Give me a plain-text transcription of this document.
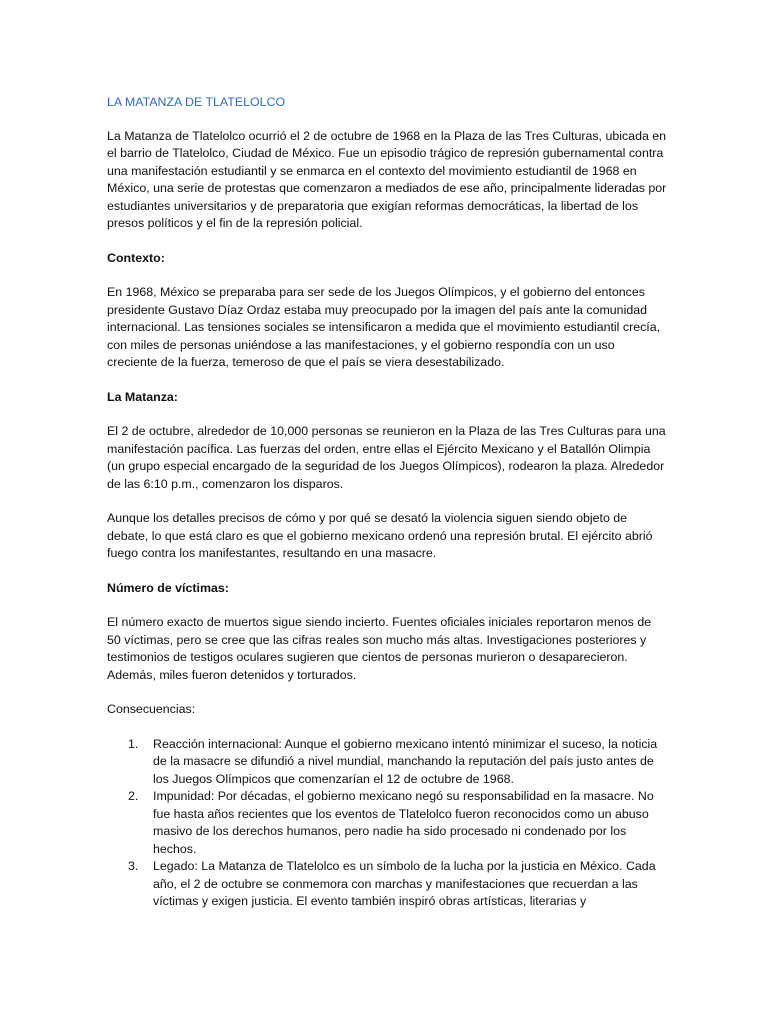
LA MATANZA DE TLATELOLCO

La Matanza de Tlatelolco ocurrió el 2 de octubre de 1968 en la Plaza de las Tres Culturas, ubicada en el barrio de Tlatelolco, Ciudad de México. Fue un episodio trágico de represión gubernamental contra una manifestación estudiantil y se enmarca en el contexto del movimiento estudiantil de 1968 en México, una serie de protestas que comenzaron a mediados de ese año, principalmente lideradas por estudiantes universitarios y de preparatoria que exigían reformas democráticas, la libertad de los presos políticos y el fin de la represión policial.

Contexto:

En 1968, México se preparaba para ser sede de los Juegos Olímpicos, y el gobierno del entonces presidente Gustavo Díaz Ordaz estaba muy preocupado por la imagen del país ante la comunidad internacional. Las tensiones sociales se intensificaron a medida que el movimiento estudiantil crecía, con miles de personas uniéndose a las manifestaciones, y el gobierno respondía con un uso creciente de la fuerza, temeroso de que el país se viera desestabilizado.

La Matanza:

El 2 de octubre, alrededor de 10,000 personas se reunieron en la Plaza de las Tres Culturas para una manifestación pacífica. Las fuerzas del orden, entre ellas el Ejército Mexicano y el Batallón Olimpia (un grupo especial encargado de la seguridad de los Juegos Olímpicos), rodearon la plaza. Alrededor de las 6:10 p.m., comenzaron los disparos.

Aunque los detalles precisos de cómo y por qué se desató la violencia siguen siendo objeto de debate, lo que está claro es que el gobierno mexicano ordenó una represión brutal. El ejército abrió fuego contra los manifestantes, resultando en una masacre.

Número de víctimas:

El número exacto de muertos sigue siendo incierto. Fuentes oficiales iniciales reportaron menos de 50 víctimas, pero se cree que las cifras reales son mucho más altas. Investigaciones posteriores y testimonios de testigos oculares sugieren que cientos de personas murieron o desaparecieron. Además, miles fueron detenidos y torturados.

Consecuencias:

1. Reacción internacional: Aunque el gobierno mexicano intentó minimizar el suceso, la noticia de la masacre se difundió a nivel mundial, manchando la reputación del país justo antes de los Juegos Olímpicos que comenzarían el 12 de octubre de 1968.
2. Impunidad: Por décadas, el gobierno mexicano negó su responsabilidad en la masacre. No fue hasta años recientes que los eventos de Tlatelolco fueron reconocidos como un abuso masivo de los derechos humanos, pero nadie ha sido procesado ni condenado por los hechos.
3. Legado: La Matanza de Tlatelolco es un símbolo de la lucha por la justicia en México. Cada año, el 2 de octubre se conmemora con marchas y manifestaciones que recuerdan a las víctimas y exigen justicia. El evento también inspiró obras artísticas, literarias y
